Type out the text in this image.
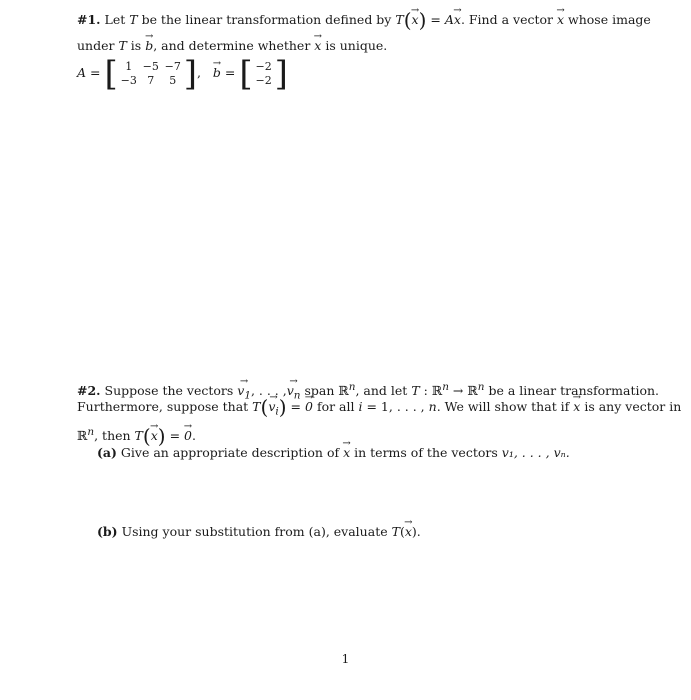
#1. Let T be the linear transformation defined by T(→ x) = A→ x. Find a vector → x whose image
under T is → b, and determine whether → x is unique.
A = [ 1 −5 −7
−3 7	5 ] ,   → b = [ −2
−2 ]
#2. Suppose the vectors → $v_1$, . . . ,→ $v_n$ span ℝ$^n$, and let T : ℝ$^n$ → ℝ$^n$ be a linear transformation.
Furthermore, suppose that $T(\to v_i)$ = → 0 for all i = 1, . . . , n. We will show that if → x is any vector in
ℝ$^n$, then T(→ x) = → 0.
(a) Give an appropriate description of → x in terms of the vectors v₁, . . . , vₙ.
(b) Using your substitution from (a), evaluate T(→ x).
1
